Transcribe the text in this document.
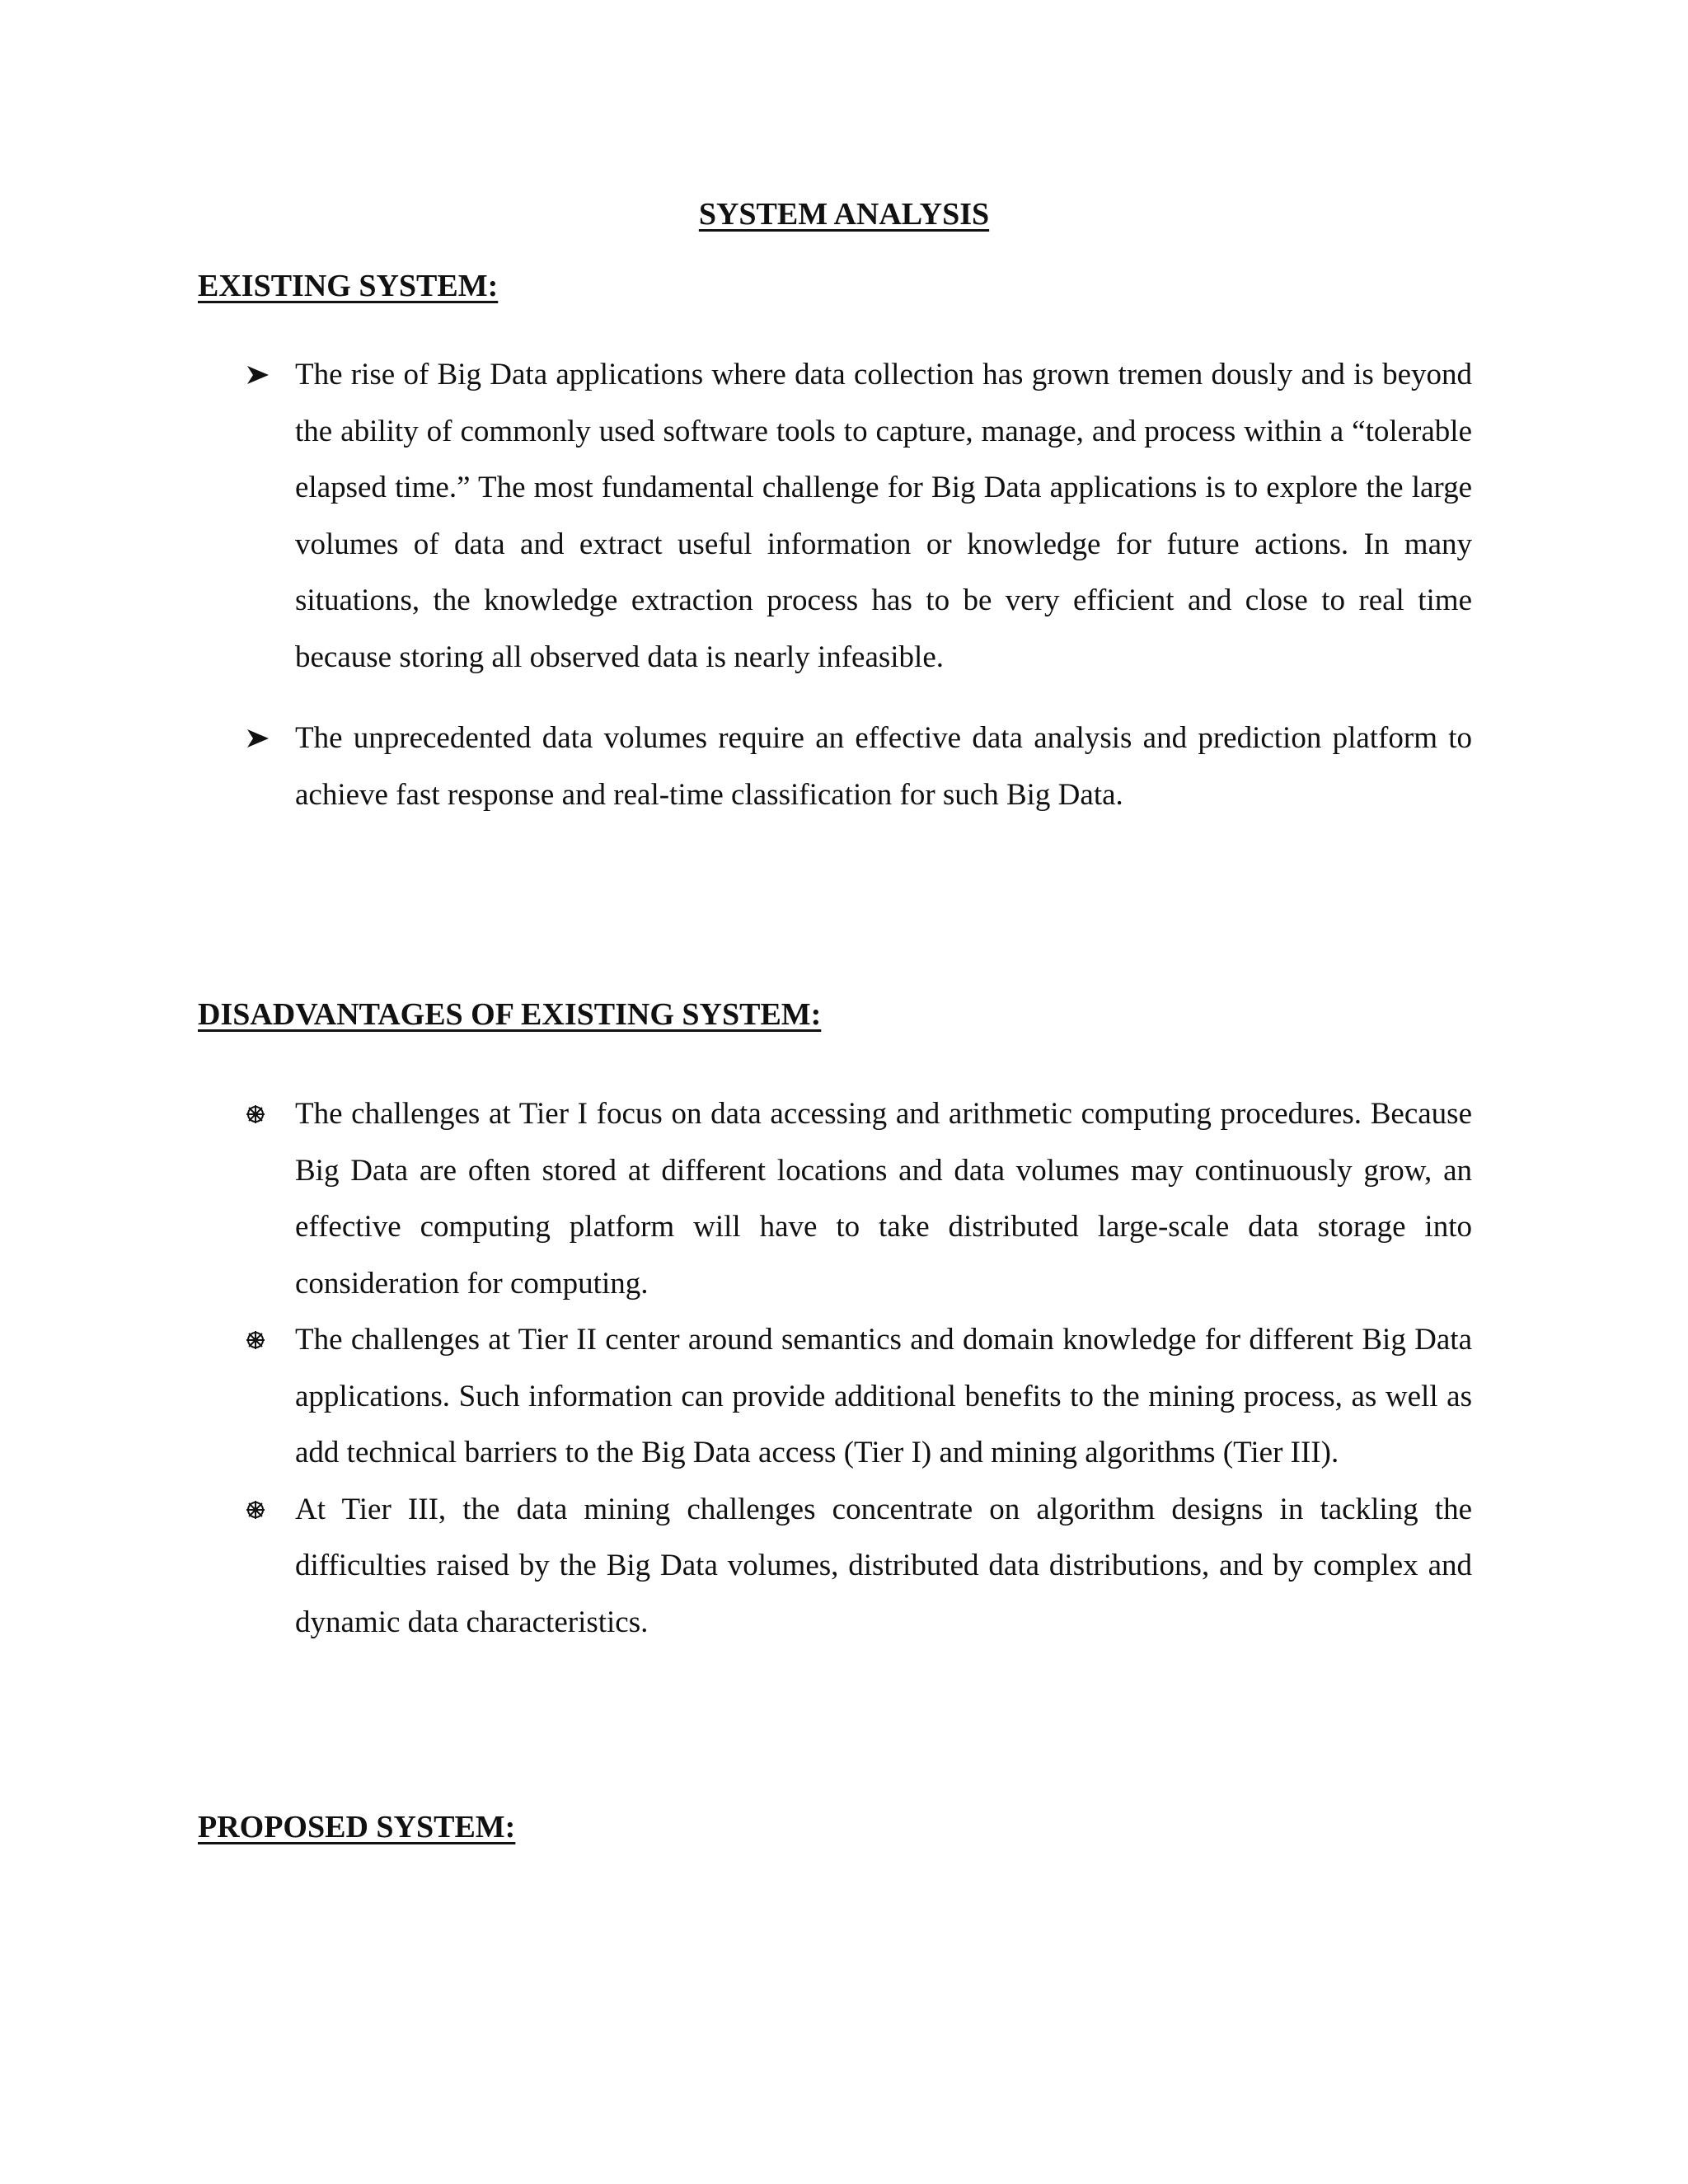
SYSTEM ANALYSIS
EXISTING SYSTEM:
The rise of Big Data applications where data collection has grown tremen dously and is beyond the ability of commonly used software tools to capture, manage, and process within a “tolerable elapsed time.” The most fundamental challenge for Big Data applications is to explore the large volumes of data and extract useful information or knowledge for future actions. In many situations, the knowledge extraction process has to be very efficient and close to real time because storing all observed data is nearly infeasible.
The unprecedented data volumes require an effective data analysis and prediction platform to achieve fast response and real-time classification for such Big Data.
DISADVANTAGES OF EXISTING SYSTEM:
The challenges at Tier I focus on data accessing and arithmetic computing procedures. Because Big Data are often stored at different locations and data volumes may continuously grow, an effective computing platform will have to take distributed large-scale data storage into consideration for computing.
The challenges at Tier II center around semantics and domain knowledge for different Big Data applications. Such information can provide additional benefits to the mining process, as well as add technical barriers to the Big Data access (Tier I) and mining algorithms (Tier III).
At Tier III, the data mining challenges concentrate on algorithm designs in tackling the difficulties raised by the Big Data volumes, distributed data distributions, and by complex and dynamic data characteristics.
PROPOSED SYSTEM:
